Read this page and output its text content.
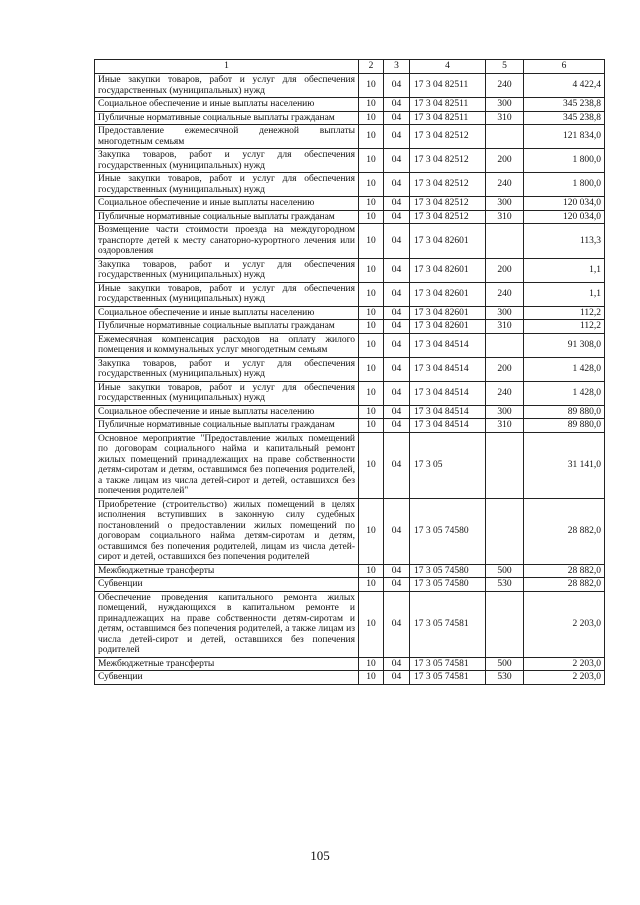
1	2	3	4	5	6
Иные закупки товаров, работ и услуг для обеспечения государственных (муниципальных) нужд	10	04	17 3 04 82511	240	4 422,4
Социальное обеспечение и иные выплаты населению	10	04	17 3 04 82511	300	345 238,8
Публичные нормативные социальные выплаты гражданам	10	04	17 3 04 82511	310	345 238,8
Предоставление ежемесячной денежной выплаты многодетным семьям	10	04	17 3 04 82512		121 834,0
Закупка товаров, работ и услуг для обеспечения государственных (муниципальных) нужд	10	04	17 3 04 82512	200	1 800,0
Иные закупки товаров, работ и услуг для обеспечения государственных (муниципальных) нужд	10	04	17 3 04 82512	240	1 800,0
Социальное обеспечение и иные выплаты населению	10	04	17 3 04 82512	300	120 034,0
Публичные нормативные социальные выплаты гражданам	10	04	17 3 04 82512	310	120 034,0
Возмещение части стоимости проезда на междугородном транспорте детей к месту санаторно-курортного лечения или оздоровления	10	04	17 3 04 82601		113,3
Закупка товаров, работ и услуг для обеспечения государственных (муниципальных) нужд	10	04	17 3 04 82601	200	1,1
Иные закупки товаров, работ и услуг для обеспечения государственных (муниципальных) нужд	10	04	17 3 04 82601	240	1,1
Социальное обеспечение и иные выплаты населению	10	04	17 3 04 82601	300	112,2
Публичные нормативные социальные выплаты гражданам	10	04	17 3 04 82601	310	112,2
Ежемесячная компенсация расходов на оплату жилого помещения и коммунальных услуг многодетным семьям	10	04	17 3 04 84514		91 308,0
Закупка товаров, работ и услуг для обеспечения государственных (муниципальных) нужд	10	04	17 3 04 84514	200	1 428,0
Иные закупки товаров, работ и услуг для обеспечения государственных (муниципальных) нужд	10	04	17 3 04 84514	240	1 428,0
Социальное обеспечение и иные выплаты населению	10	04	17 3 04 84514	300	89 880,0
Публичные нормативные социальные выплаты гражданам	10	04	17 3 04 84514	310	89 880,0
Основное мероприятие "Предоставление жилых помещений по договорам социального найма и капитальный ремонт жилых помещений принадлежащих на праве собственности детям-сиротам и детям, оставшимся без попечения родителей, а также лицам из числа детей-сирот и детей, оставшихся без попечения родителей"	10	04	17 3 05		31 141,0
Приобретение (строительство) жилых помещений в целях исполнения вступивших в законную силу судебных постановлений о предоставлении жилых помещений по договорам социального найма детям-сиротам и детям, оставшимся без попечения родителей, лицам из числа детей-сирот и детей, оставшихся без попечения родителей	10	04	17 3 05 74580		28 882,0
Межбюджетные трансферты	10	04	17 3 05 74580	500	28 882,0
Субвенции	10	04	17 3 05 74580	530	28 882,0
Обеспечение проведения капитального ремонта жилых помещений, нуждающихся в капитальном ремонте и принадлежащих на праве собственности детям-сиротам и детям, оставшимся без попечения родителей, а также лицам из числа детей-сирот и детей, оставшихся без попечения родителей	10	04	17 3 05 74581		2 203,0
Межбюджетные трансферты	10	04	17 3 05 74581	500	2 203,0
Субвенции	10	04	17 3 05 74581	530	2 203,0
105
